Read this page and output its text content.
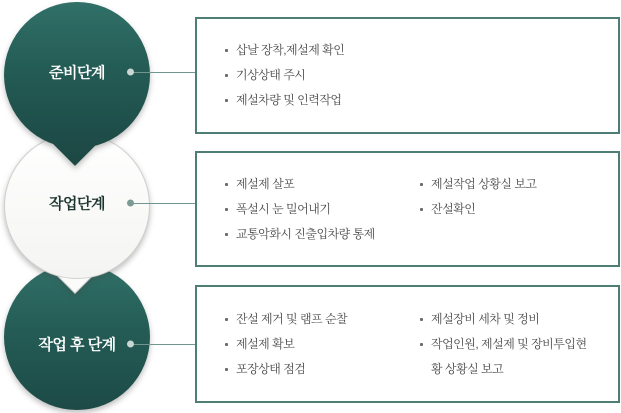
준비단계
작업단계
작업 후 단계
삽날 장착,제설제 확인
기상상태 주시
제설차량 및 인력작업
제설제 살포
폭설시 눈 밀어내기
교통악화시 진출입차량 통제
제설작업 상황실 보고
잔설확인
잔설 제거 및 램프 순찰
제설제 확보
포장상태 점검
제설장비 세차 및 정비
작업인원, 제설제 및 장비투입현황 상황실 보고
